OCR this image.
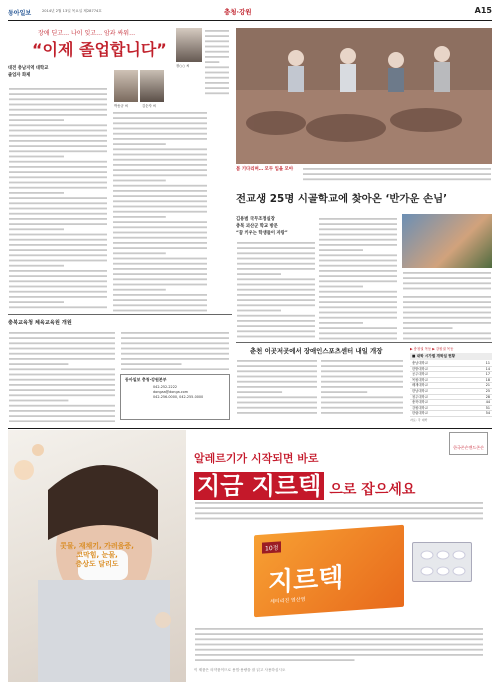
동아일보	2014년 2월 13일 목요일 제28774호	충청·강원	A15
장애 딛고… 나이 잊고… 암과 싸워…
“이제 졸업합니다”
대전 충남지역 대학교
졸업자 화제
박동규 씨	김순자 씨
장○○ 씨
충북교육청 체육교육원 개원
동아일보 충청·강원본부
042-252-2222
dongaa@donga.com
042-256-0000, 042-255-0000
봄 기다리며… 모두 입을 모아
전교생 25명 시골학교에 찾아온 ‘반가운 손님’
김용범 국무조정실장
충북 괴산군 학교 방문
“꿈 키우는 학생들이 자랑”
춘천 이곳저곳에서 장애인스포츠센터 내일 개장	▶ 충청권 목동 ▶ 강원권 목동
■ 대학 시가별 개학일 현황
충남대학교	11
한밭대학교	14
공주대학교	17
목원대학교	18
배재대학교	21
한남대학교	25
청주대학교	28
충북대학교	44
강원대학교	51
한림대학교	54
자료: 각 대학
콧물, 재채기, 가려움증,
코막힘, 눈물,
충상도 달리도
한국존슨앤드존슨
알레르기가 시작되면 바로
지금 지르텍 으로 잡으세요
10정
지르텍
세티리진 염산염
이 제품은 의약품이므로 용법·용량을 잘 읽고 사용하십시오
